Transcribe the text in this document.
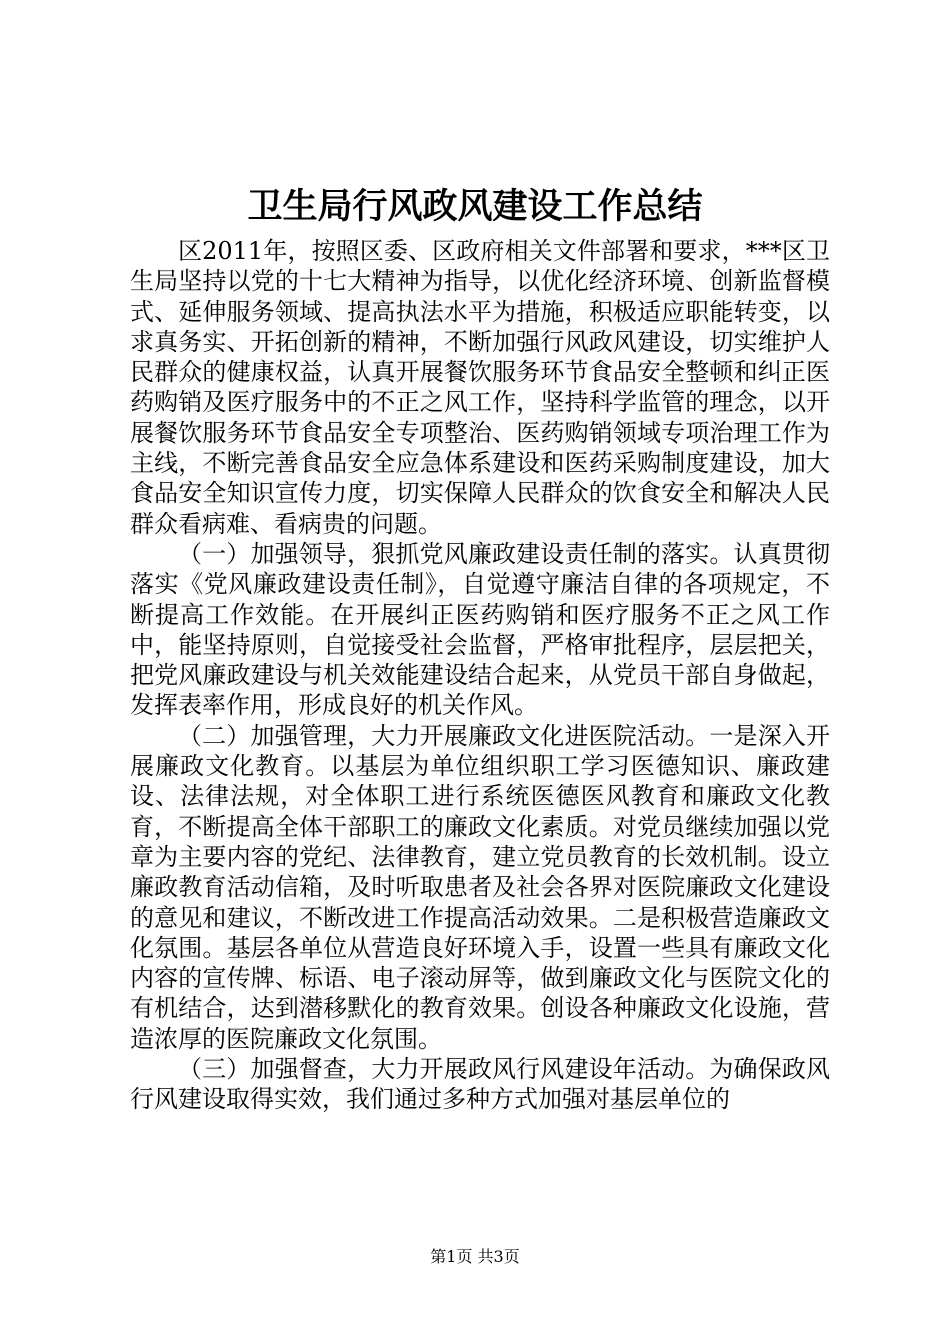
卫生局行风政风建设工作总结

区2011年，按照区委、区政府相关文件部署和要求，***区卫生局坚持以党的十七大精神为指导，以优化经济环境、创新监督模式、延伸服务领域、提高执法水平为措施，积极适应职能转变，以求真务实、开拓创新的精神，不断加强行风政风建设，切实维护人民群众的健康权益，认真开展餐饮服务环节食品安全整顿和纠正医药购销及医疗服务中的不正之风工作，坚持科学监管的理念，以开展餐饮服务环节食品安全专项整治、医药购销领域专项治理工作为主线，不断完善食品安全应急体系建设和医药采购制度建设，加大食品安全知识宣传力度，切实保障人民群众的饮食安全和解决人民群众看病难、看病贵的问题。

（一）加强领导，狠抓党风廉政建设责任制的落实。认真贯彻落实《党风廉政建设责任制》，自觉遵守廉洁自律的各项规定，不断提高工作效能。在开展纠正医药购销和医疗服务不正之风工作中，能坚持原则，自觉接受社会监督，严格审批程序，层层把关，把党风廉政建设与机关效能建设结合起来，从党员干部自身做起，发挥表率作用，形成良好的机关作风。

（二）加强管理，大力开展廉政文化进医院活动。一是深入开展廉政文化教育。以基层为单位组织职工学习医德知识、廉政建设、法律法规，对全体职工进行系统医德医风教育和廉政文化教育，不断提高全体干部职工的廉政文化素质。对党员继续加强以党章为主要内容的党纪、法律教育，建立党员教育的长效机制。设立廉政教育活动信箱，及时听取患者及社会各界对医院廉政文化建设的意见和建议，不断改进工作提高活动效果。二是积极营造廉政文化氛围。基层各单位从营造良好环境入手，设置一些具有廉政文化内容的宣传牌、标语、电子滚动屏等，做到廉政文化与医院文化的有机结合，达到潜移默化的教育效果。创设各种廉政文化设施，营造浓厚的医院廉政文化氛围。

（三）加强督查，大力开展政风行风建设年活动。为确保政风行风建设取得实效，我们通过多种方式加强对基层单位的

第1页 共3页
